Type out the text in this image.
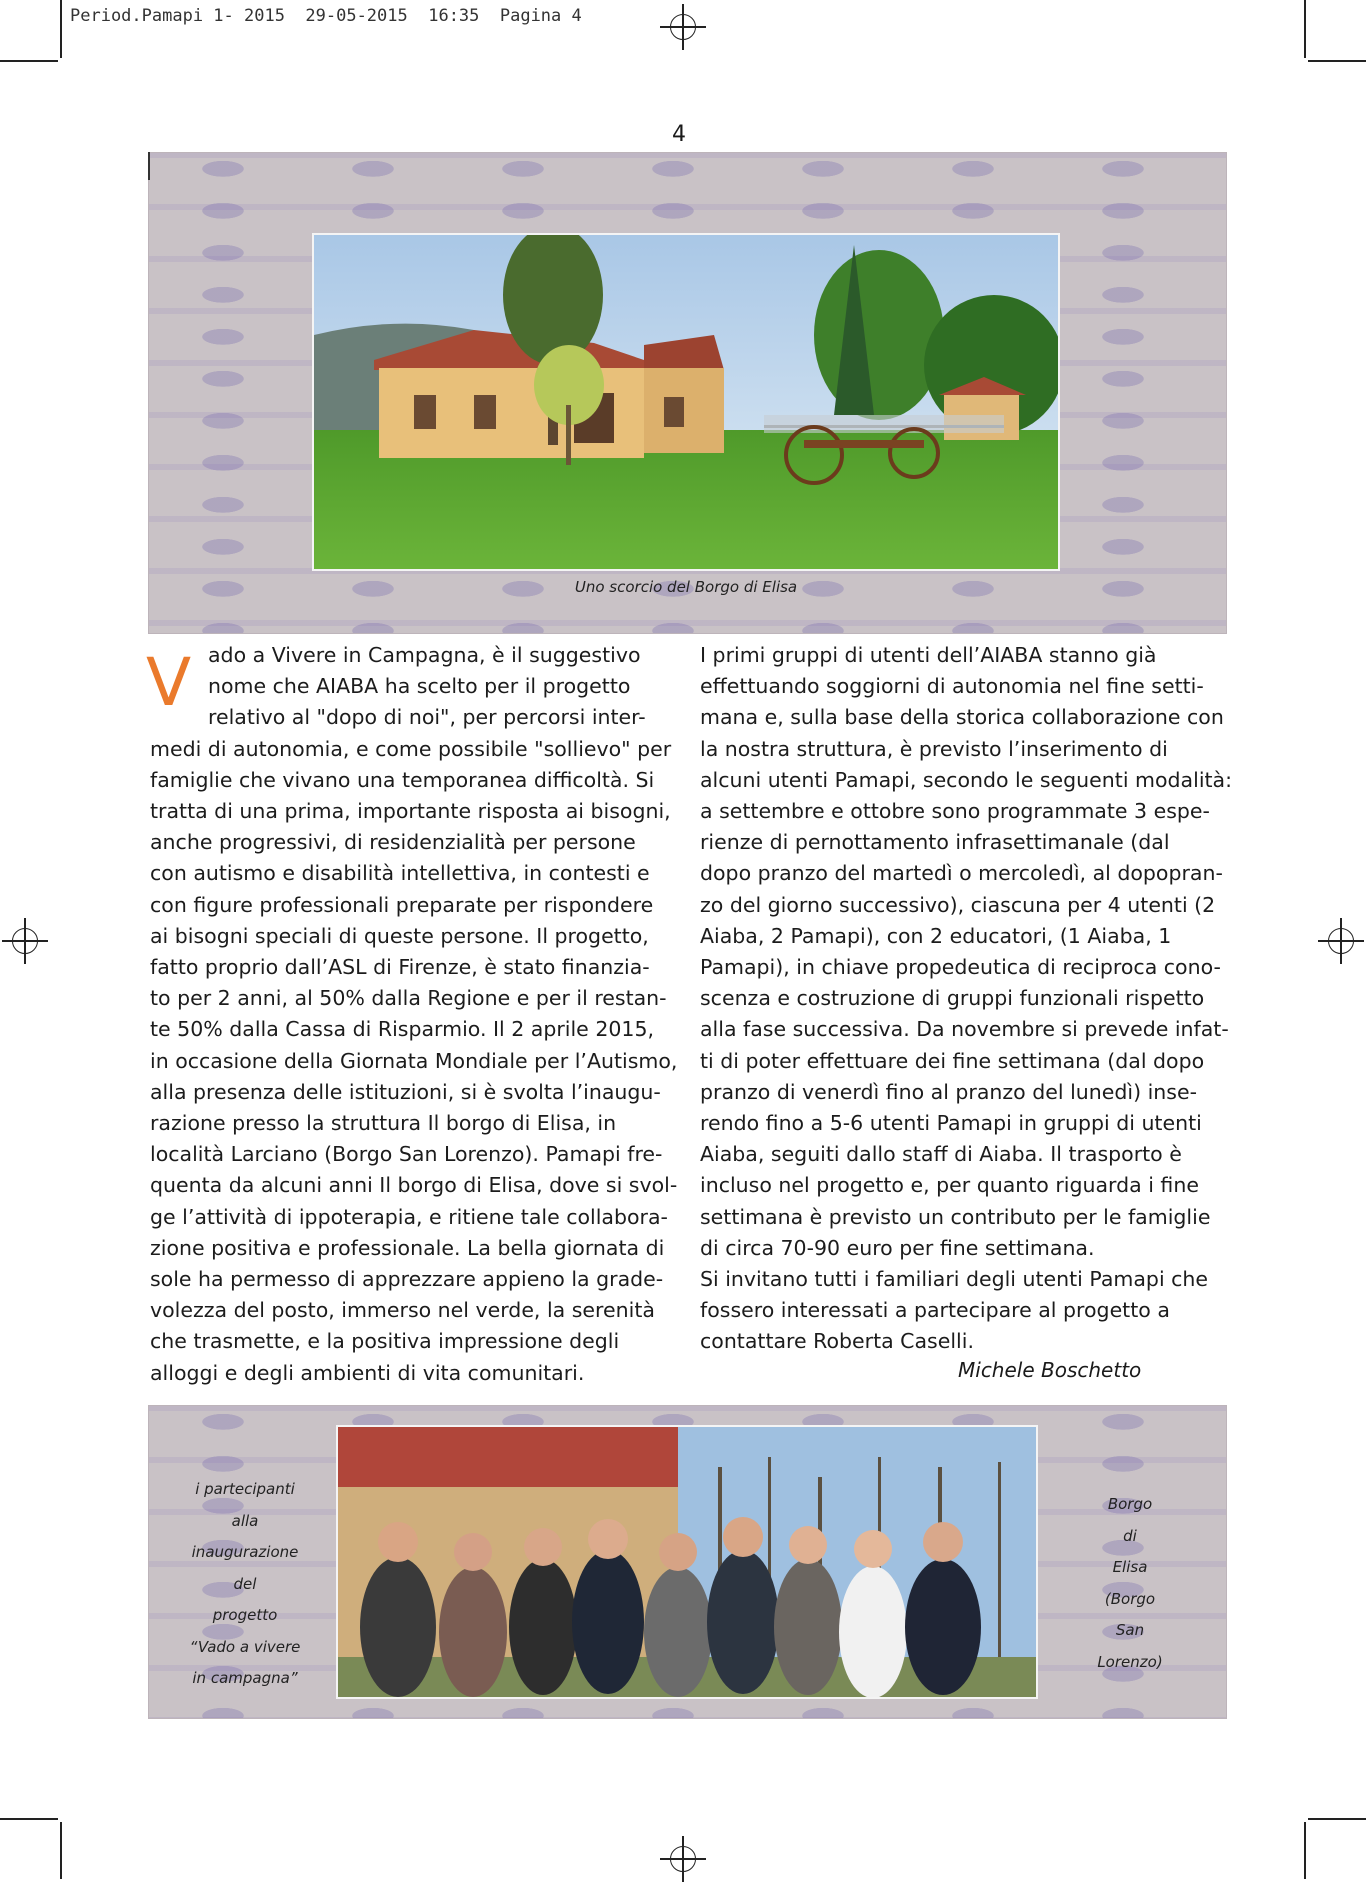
Period.Pamapi 1- 2015  29-05-2015  16:35  Pagina 4
4
Uno scorcio del Borgo di Elisa
V ado a Vivere in Campagna, è il suggestivo

nome che AIABA ha scelto per il progetto

relativo al "dopo di noi", per percorsi inter-

medi di autonomia, e come possibile "sollievo" per

famiglie che vivano una temporanea difficoltà. Si

tratta di una prima, importante risposta ai bisogni,

anche progressivi, di residenzialità per persone

con autismo e disabilità intellettiva, in contesti e

con figure professionali preparate per rispondere

ai bisogni speciali di queste persone. Il progetto,

fatto proprio dall’ASL di Firenze, è stato finanzia-

to per 2 anni, al 50% dalla Regione e per il restan-

te 50% dalla Cassa di Risparmio. Il 2 aprile 2015,

in occasione della Giornata Mondiale per l’Autismo,

alla presenza delle istituzioni, si è svolta l’inaugu-

razione presso la struttura Il borgo di Elisa, in

località Larciano (Borgo San Lorenzo). Pamapi fre-

quenta da alcuni anni Il borgo di Elisa, dove si svol-

ge l’attività di ippoterapia, e ritiene tale collabora-

zione positiva e professionale. La bella giornata di

sole ha permesso di apprezzare appieno la grade-

volezza del posto, immerso nel verde, la serenità

che trasmette, e la positiva impressione degli

alloggi e degli ambienti di vita comunitari.

I primi gruppi di utenti dell’AIABA stanno già

effettuando soggiorni di autonomia nel fine setti-

mana e, sulla base della storica collaborazione con

la nostra struttura, è previsto l’inserimento di

alcuni utenti Pamapi, secondo le seguenti modalità:

a settembre e ottobre sono programmate 3 espe-

rienze di pernottamento infrasettimanale (dal

dopo pranzo del martedì o mercoledì, al dopopran-

zo del giorno successivo), ciascuna per 4 utenti (2

Aiaba, 2 Pamapi), con 2 educatori, (1 Aiaba, 1

Pamapi), in chiave propedeutica di reciproca cono-

scenza e costruzione di gruppi funzionali rispetto

alla fase successiva. Da novembre si prevede infat-

ti di poter effettuare dei fine settimana (dal dopo

pranzo di venerdì fino al pranzo del lunedì) inse-

rendo fino a 5-6 utenti Pamapi in gruppi di utenti

Aiaba, seguiti dallo staff di Aiaba. Il trasporto è

incluso nel progetto e, per quanto riguarda i fine

settimana è previsto un contributo per le famiglie

di circa 70-90 euro per fine settimana.

Si invitano tutti i familiari degli utenti Pamapi che

fossero interessati a partecipare al progetto a

contattare Roberta Caselli.

Michele Boschetto
i partecipanti
alla
inaugurazione
del
progetto
“Vado a vivere
in campagna”
Borgo
di
Elisa
(Borgo
San
Lorenzo)
